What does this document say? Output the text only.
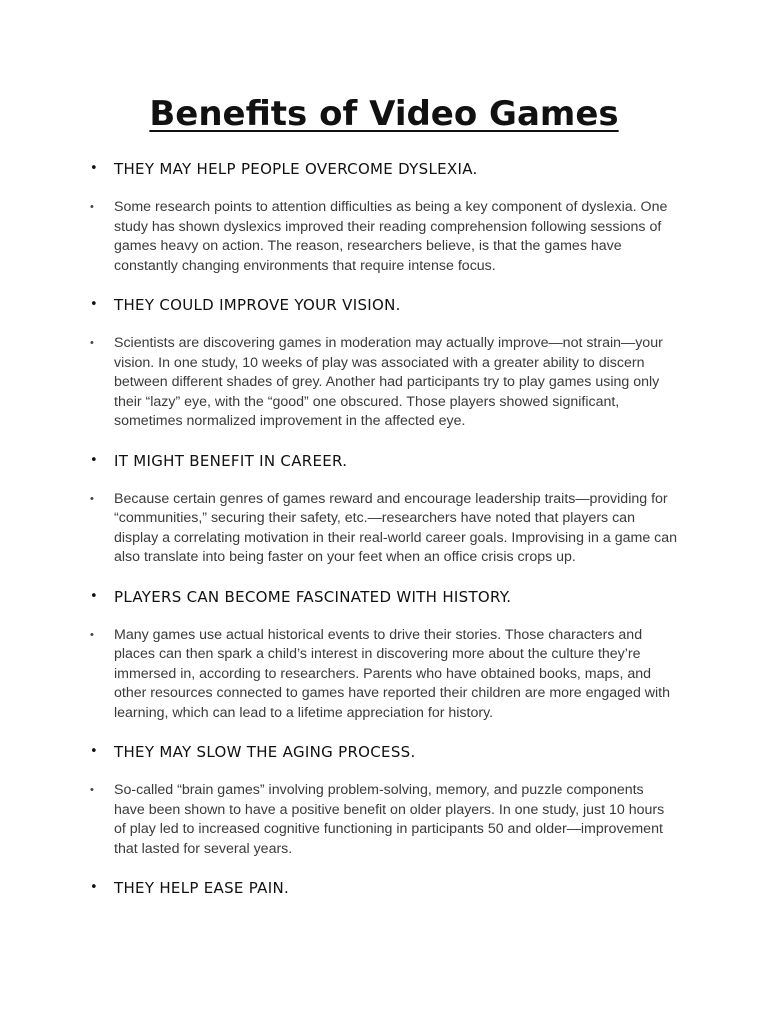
Benefits of Video Games
•	THEY MAY HELP PEOPLE OVERCOME DYSLEXIA.
•	Some research points to attention difficulties as being a key component of dyslexia. One study has shown dyslexics improved their reading comprehension following sessions of games heavy on action. The reason, researchers believe, is that the games have constantly changing environments that require intense focus.
•	THEY COULD IMPROVE YOUR VISION.
•	Scientists are discovering games in moderation may actually improve—not strain—your vision. In one study, 10 weeks of play was associated with a greater ability to discern between different shades of grey. Another had participants try to play games using only their “lazy” eye, with the “good” one obscured. Those players showed significant, sometimes normalized improvement in the affected eye.
•	IT MIGHT BENEFIT IN CAREER.
•	Because certain genres of games reward and encourage leadership traits—providing for “communities,” securing their safety, etc.—researchers have noted that players can display a correlating motivation in their real-world career goals. Improvising in a game can also translate into being faster on your feet when an office crisis crops up.
•	PLAYERS CAN BECOME FASCINATED WITH HISTORY.
•	Many games use actual historical events to drive their stories. Those characters and places can then spark a child’s interest in discovering more about the culture they’re immersed in, according to researchers. Parents who have obtained books, maps, and other resources connected to games have reported their children are more engaged with learning, which can lead to a lifetime appreciation for history.
•	THEY MAY SLOW THE AGING PROCESS.
•	So-called “brain games” involving problem-solving, memory, and puzzle components have been shown to have a positive benefit on older players. In one study, just 10 hours of play led to increased cognitive functioning in participants 50 and older—improvement that lasted for several years.
•	THEY HELP EASE PAIN.
